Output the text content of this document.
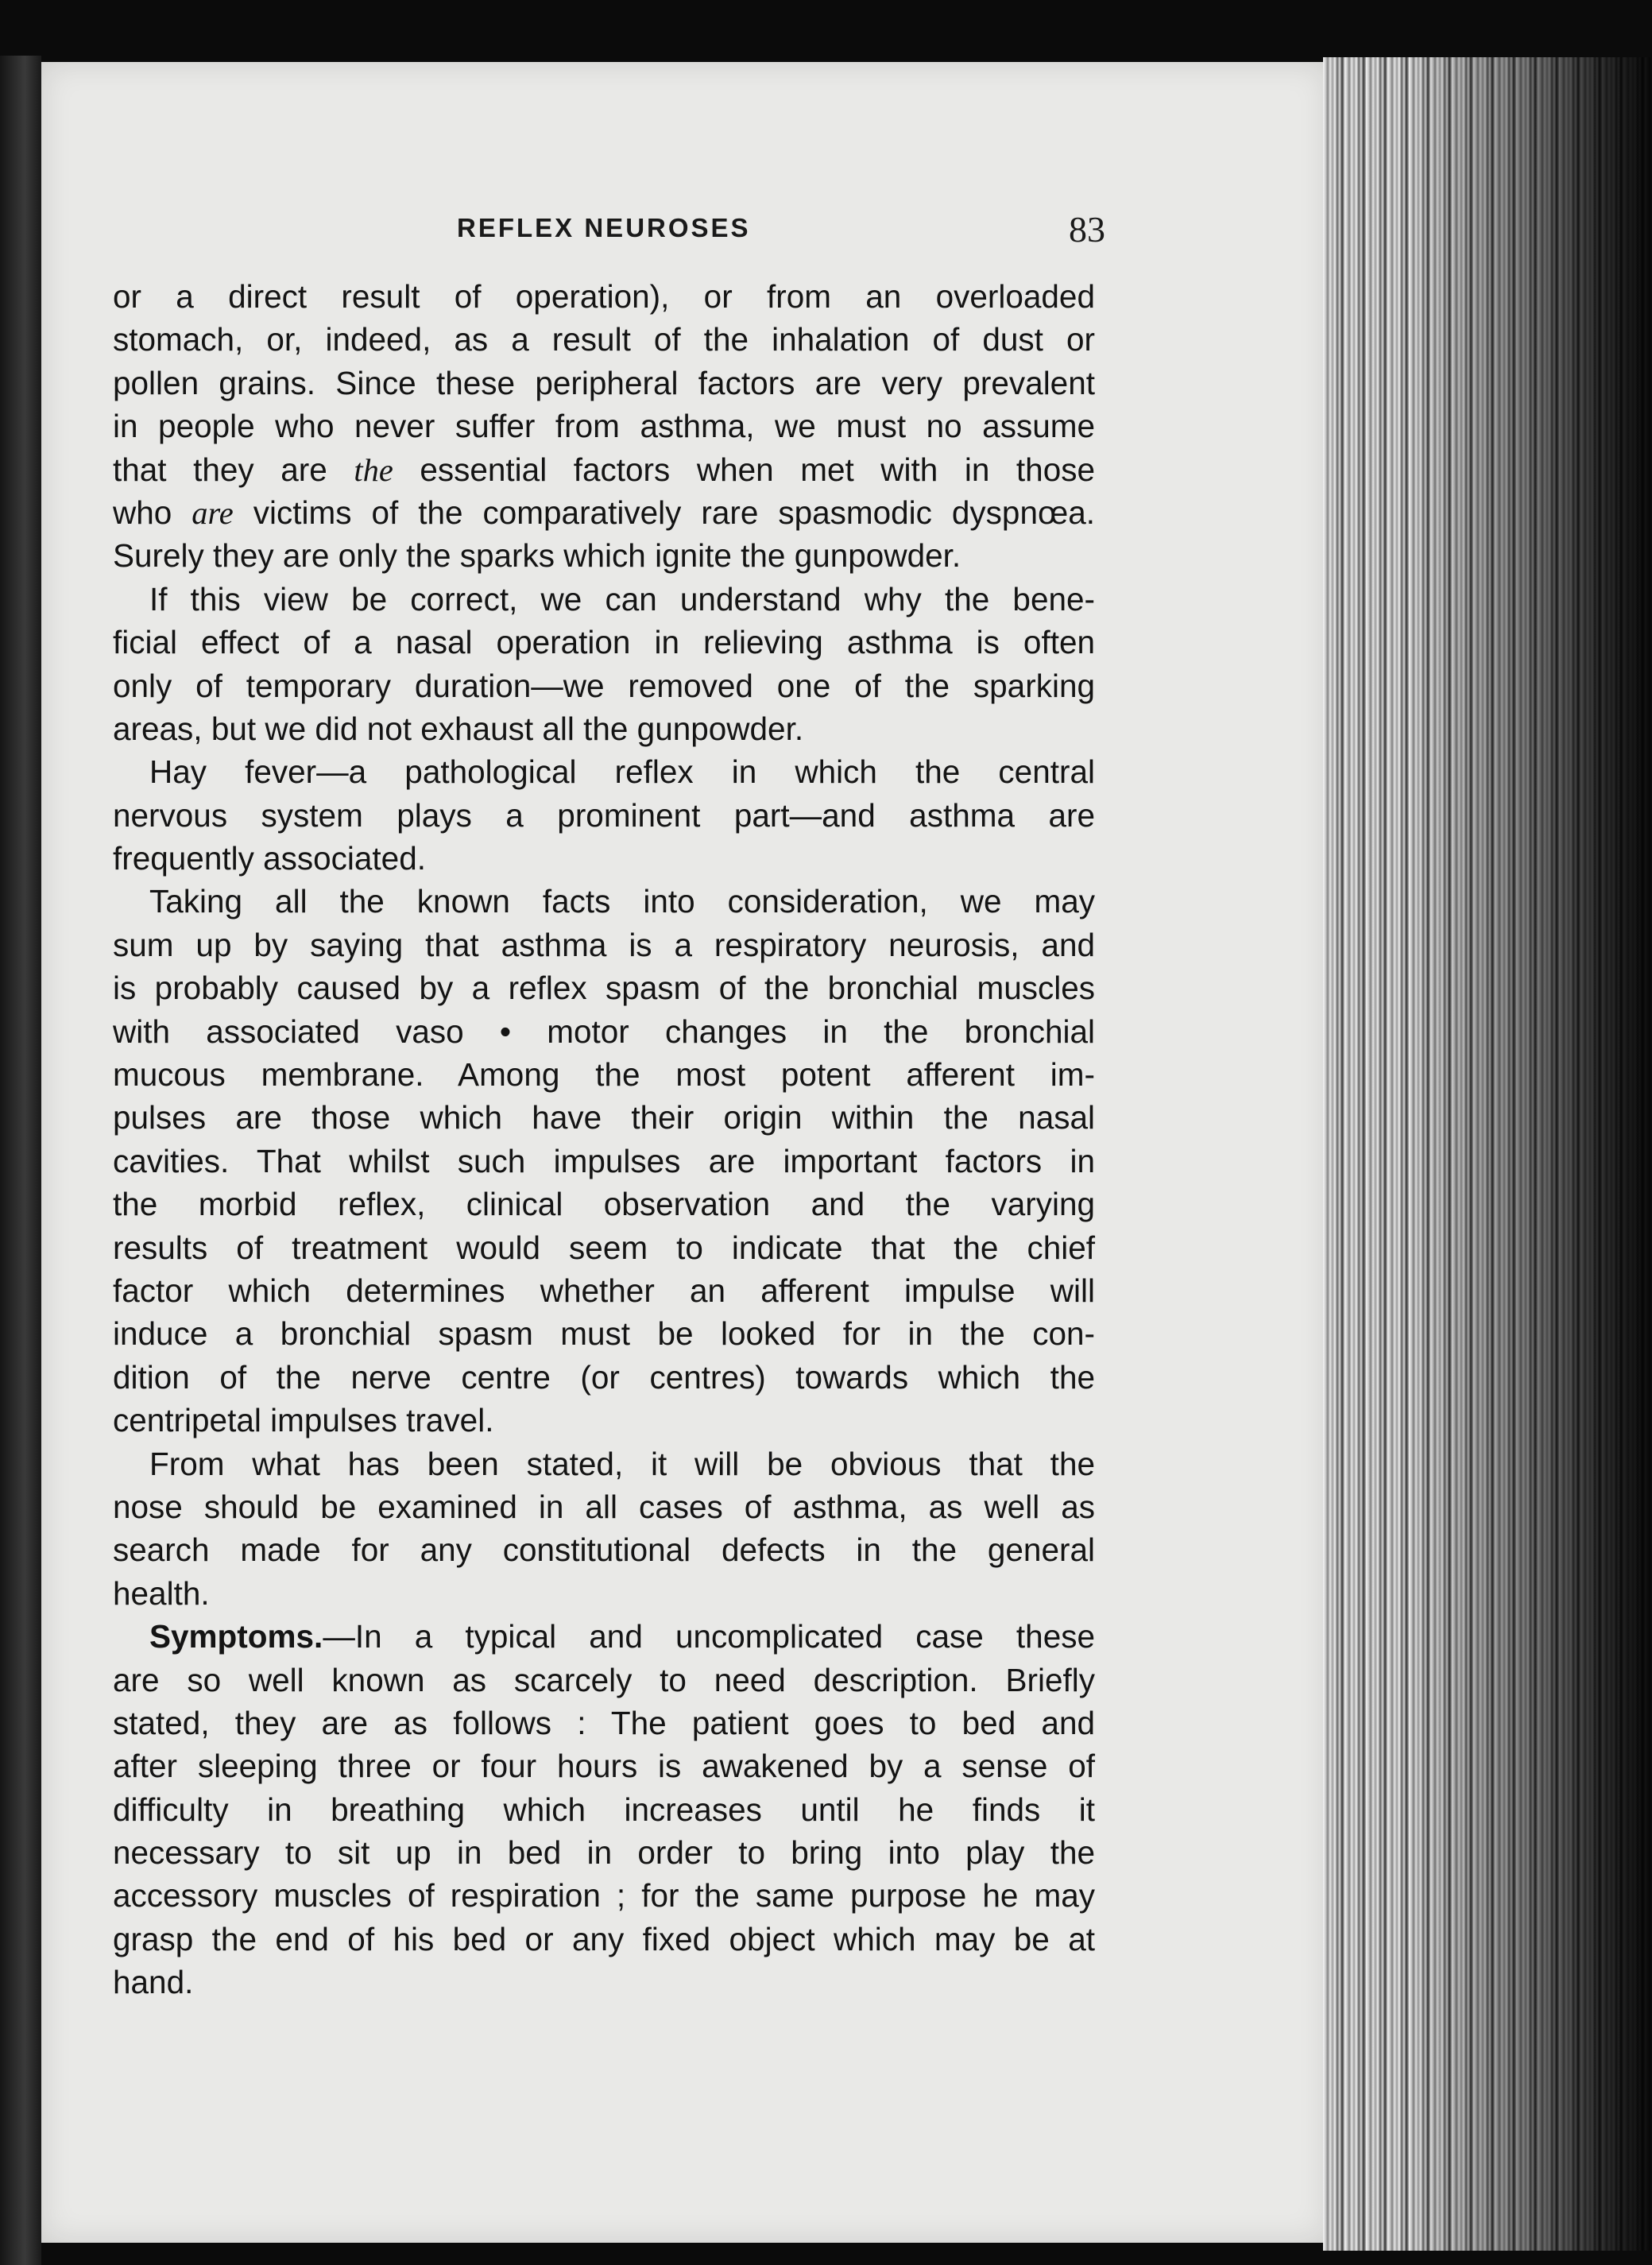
REFLEX NEUROSES	83
or a direct result of operation), or from an overloaded
stomach, or, indeed, as a result of the inhalation of dust or
pollen grains. Since these peripheral factors are very prevalent
in people who never suffer from asthma, we must no assume
that they are the essential factors when met with in those
who are victims of the comparatively rare spasmodic dyspnœa.
Surely they are only the sparks which ignite the gunpowder.
If this view be correct, we can understand why the bene-
ficial effect of a nasal operation in relieving asthma is often
only of temporary duration—we removed one of the sparking
areas, but we did not exhaust all the gunpowder.
Hay fever—a pathological reflex in which the central
nervous system plays a prominent part—and asthma are
frequently associated.
Taking all the known facts into consideration, we may
sum up by saying that asthma is a respiratory neurosis, and
is probably caused by a reflex spasm of the bronchial muscles
with associated vaso • motor changes in the bronchial
mucous membrane. Among the most potent afferent im-
pulses are those which have their origin within the nasal
cavities. That whilst such impulses are important factors in
the morbid reflex, clinical observation and the varying
results of treatment would seem to indicate that the chief
factor which determines whether an afferent impulse will
induce a bronchial spasm must be looked for in the con-
dition of the nerve centre (or centres) towards which the
centripetal impulses travel.
From what has been stated, it will be obvious that the
nose should be examined in all cases of asthma, as well as
search made for any constitutional defects in the general
health.
Symptoms.—In a typical and uncomplicated case these
are so well known as scarcely to need description. Briefly
stated, they are as follows : The patient goes to bed and
after sleeping three or four hours is awakened by a sense of
difficulty in breathing which increases until he finds it
necessary to sit up in bed in order to bring into play the
accessory muscles of respiration ; for the same purpose he may
grasp the end of his bed or any fixed object which may be at
hand.
